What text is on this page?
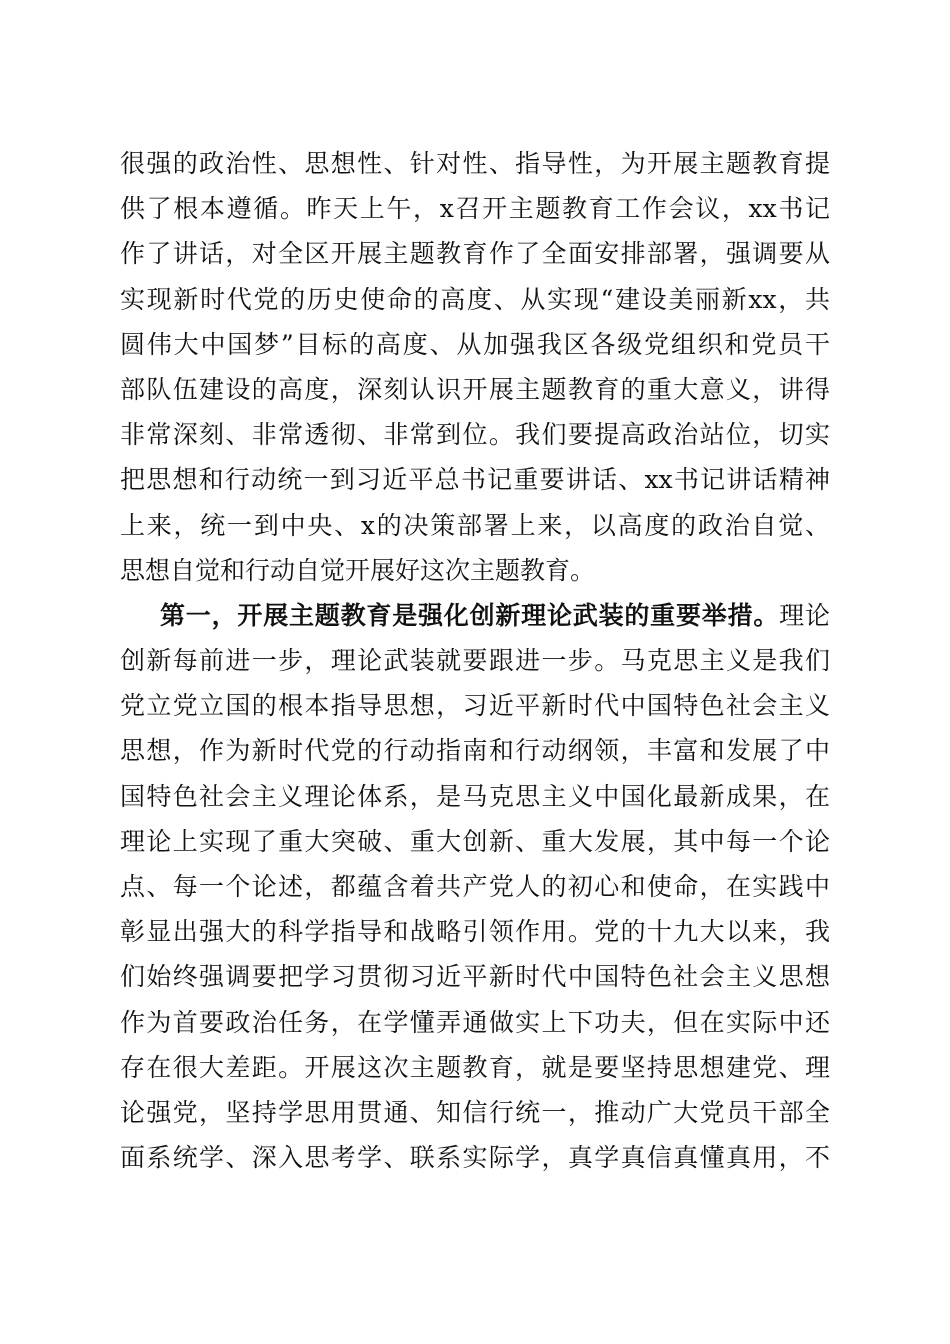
很强的政治性、思想性、针对性、指导性，为开展主题教育提
供了根本遵循。昨天上午，x召开主题教育工作会议，xx书记
作了讲话，对全区开展主题教育作了全面安排部署，强调要从
实现新时代党的历史使命的高度、从实现“建设美丽新xx，共
圆伟大中国梦”目标的高度、从加强我区各级党组织和党员干
部队伍建设的高度，深刻认识开展主题教育的重大意义，讲得
非常深刻、非常透彻、非常到位。我们要提高政治站位，切实
把思想和行动统一到习近平总书记重要讲话、xx书记讲话精神
上来，统一到中央、x的决策部署上来，以高度的政治自觉、
思想自觉和行动自觉开展好这次主题教育。
第一，开展主题教育是强化创新理论武装的重要举措。理论
创新每前进一步，理论武装就要跟进一步。马克思主义是我们
党立党立国的根本指导思想，习近平新时代中国特色社会主义
思想，作为新时代党的行动指南和行动纲领，丰富和发展了中
国特色社会主义理论体系，是马克思主义中国化最新成果，在
理论上实现了重大突破、重大创新、重大发展，其中每一个论
点、每一个论述，都蕴含着共产党人的初心和使命，在实践中
彰显出强大的科学指导和战略引领作用。党的十九大以来，我
们始终强调要把学习贯彻习近平新时代中国特色社会主义思想
作为首要政治任务，在学懂弄通做实上下功夫，但在实际中还
存在很大差距。开展这次主题教育，就是要坚持思想建党、理
论强党，坚持学思用贯通、知信行统一，推动广大党员干部全
面系统学、深入思考学、联系实际学，真学真信真懂真用，不
